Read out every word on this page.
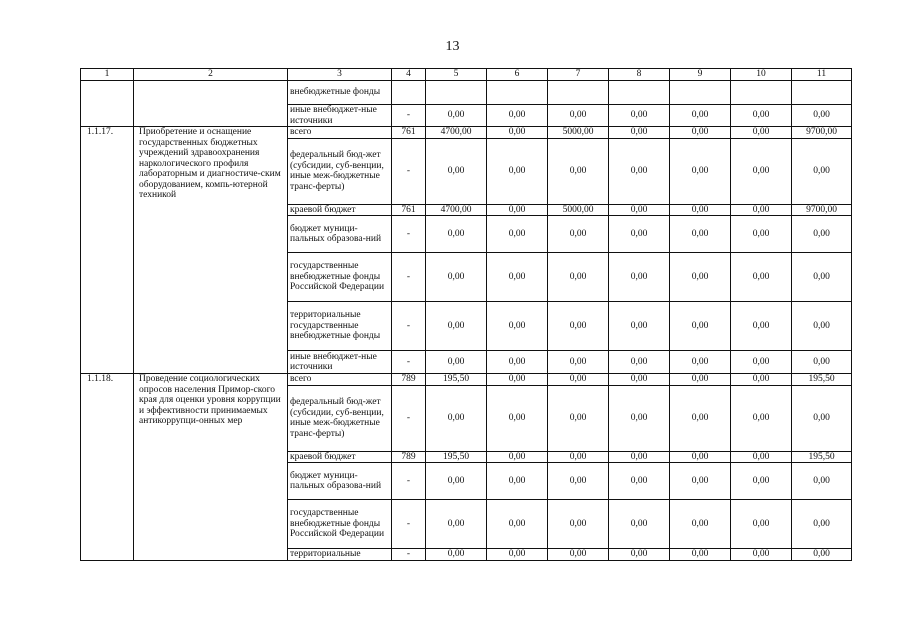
13
1	2	3	4	5	6	7	8	9	10	11
		внебюджетные фонды								
		иные внебюджет-ные источники	-	0,00	0,00	0,00	0,00	0,00	0,00	0,00
1.1.17.	Приобретение и оснащение государственных бюджетных учреждений здравоохранения наркологического профиля лабораторным и диагностиче-ским оборудованием, компь-ютерной техникой	всего	761	4700,00	0,00	5000,00	0,00	0,00	0,00	9700,00
		федеральный бюд-жет (субсидии, суб-венции, иные меж-бюджетные транс-ферты)	-	0,00	0,00	0,00	0,00	0,00	0,00	0,00
		краевой бюджет	761	4700,00	0,00	5000,00	0,00	0,00	0,00	9700,00
		бюджет муници-пальных образова-ний	-	0,00	0,00	0,00	0,00	0,00	0,00	0,00
		государственные внебюджетные фонды Российской Федерации	-	0,00	0,00	0,00	0,00	0,00	0,00	0,00
		территориальные государственные внебюджетные фонды	-	0,00	0,00	0,00	0,00	0,00	0,00	0,00
		иные внебюджет-ные источники	-	0,00	0,00	0,00	0,00	0,00	0,00	0,00
1.1.18.	Проведение социологических опросов населения Примор-ского края для оценки уровня коррупции и эффективности принимаемых антикоррупци-онных мер	всего	789	195,50	0,00	0,00	0,00	0,00	0,00	195,50
		федеральный бюд-жет (субсидии, суб-венции, иные меж-бюджетные транс-ферты)	-	0,00	0,00	0,00	0,00	0,00	0,00	0,00
		краевой бюджет	789	195,50	0,00	0,00	0,00	0,00	0,00	195,50
		бюджет муници-пальных образова-ний	-	0,00	0,00	0,00	0,00	0,00	0,00	0,00
		государственные внебюджетные фонды Российской Федерации	-	0,00	0,00	0,00	0,00	0,00	0,00	0,00
		территориальные	-	0,00	0,00	0,00	0,00	0,00	0,00	0,00
